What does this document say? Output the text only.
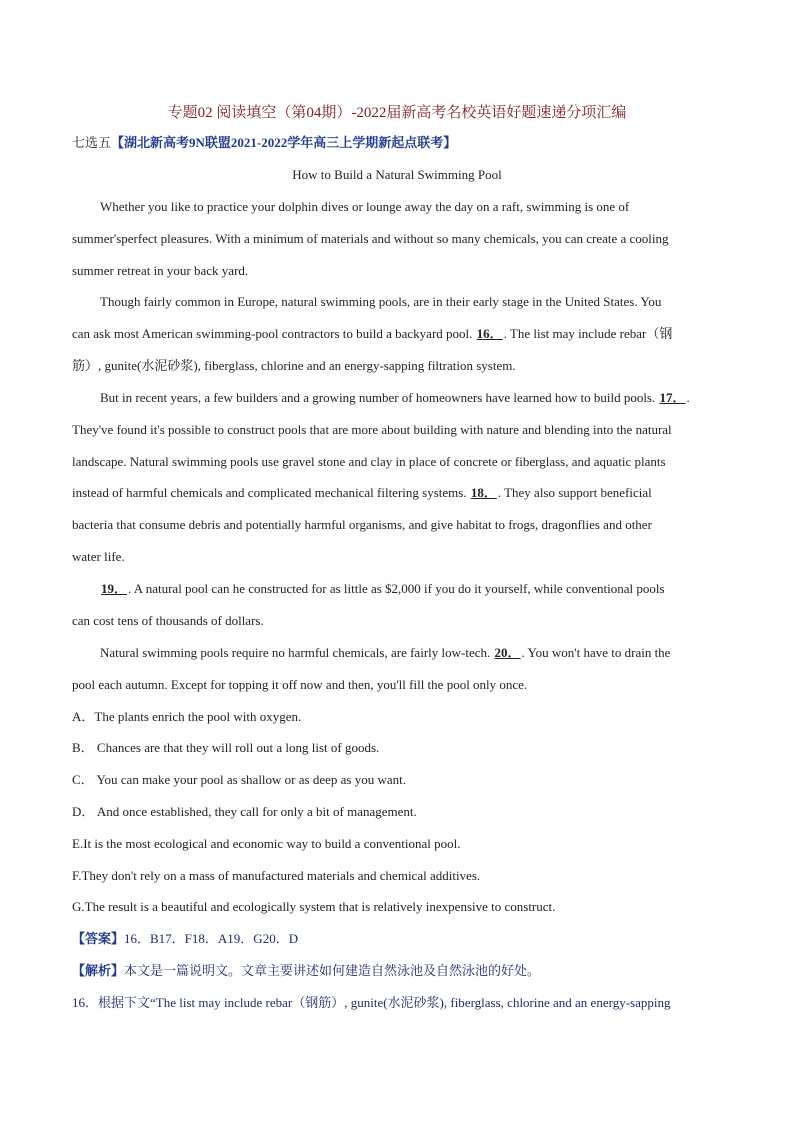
专题02 阅读填空（第04期）-2022届新高考名校英语好题速递分项汇编
七选五【湖北新高考9N联盟2021-2022学年高三上学期新起点联考】
How to Build a Natural Swimming Pool
Whether you like to practice your dolphin dives or lounge away the day on a raft, swimming is one of
summer'sperfect pleasures. With a minimum of materials and without so many chemicals, you can create a cooling
summer retreat in your back yard.
Though fairly common in Europe, natural swimming pools, are in their early stage in the United States. You
can ask most American swimming-pool contractors to build a backyard pool. 16．. The list may include rebar（钢
筋）, gunite(水泥砂浆), fiberglass, chlorine and an energy-sapping filtration system.
But in recent years, a few builders and a growing number of homeowners have learned how to build pools. 17．.
They've found it's possible to construct pools that are more about building with nature and blending into the natural
landscape. Natural swimming pools use gravel stone and clay in place of concrete or fiberglass, and aquatic plants
instead of harmful chemicals and complicated mechanical filtering systems. 18．. They also support beneficial
bacteria that consume debris and potentially harmful organisms, and give habitat to frogs, dragonflies and other
water life.
19．. A natural pool can he constructed for as little as $2,000 if you do it yourself, while conventional pools
can cost tens of thousands of dollars.
Natural swimming pools require no harmful chemicals, are fairly low-tech. 20．. You won't have to drain the
pool each autumn. Except for topping it off now and then, you'll fill the pool only once.
A．The plants enrich the pool with oxygen.
B． Chances are that they will roll out a long list of goods.
C． You can make your pool as shallow or as deep as you want.
D． And once established, they call for only a bit of management.
E.It is the most ecological and economic way to build a conventional pool.
F.They don't rely on a mass of manufactured materials and chemical additives.
G.The result is a beautiful and ecologically system that is relatively inexpensive to construct.
【答案】16．B17．F18．A19．G20．D
【解析】本文是一篇说明文。文章主要讲述如何建造自然泳池及自然泳池的好处。
16．根据下文“The list may include rebar（钢筋）, gunite(水泥砂浆), fiberglass, chlorine and an energy-sapping
